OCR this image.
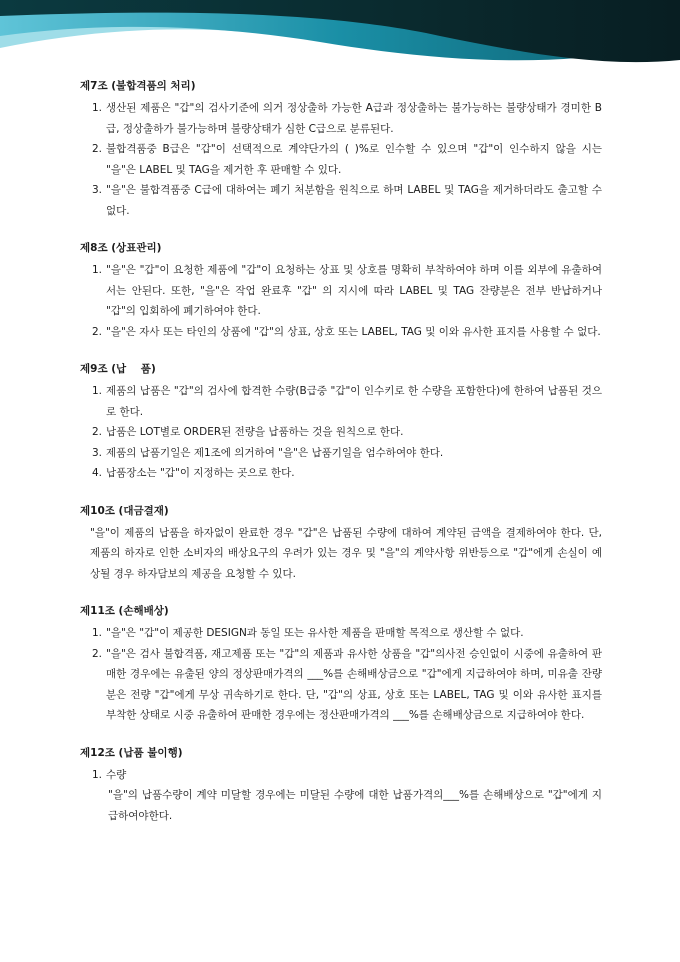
제7조 (불합격품의 처리)
1. 생산된 제품은 "갑"의 검사기준에 의거 정상출하 가능한 A급과 정상출하는 불가능하는 불량상태가 경미한 B급, 정상출하가 불가능하며 불량상태가 심한 C급으로 분류된다.
2. 불합격품중 B급은 "갑"이 선택적으로 계약단가의 ( )%로 인수할 수 있으며 "갑"이 인수하지 않을 시는 "을"은 LABEL 및 TAG을 제거한 후 판매할 수 있다.
3. "을"은 불합격품중 C급에 대하여는 폐기 처분함을 원칙으로 하며 LABEL 및 TAG을 제거하더라도 출고할 수 없다.
제8조 (상표관리)
1. "을"은 "갑"이 요청한 제품에 "갑"이 요청하는 상표 및 상호를 명확히 부착하여야 하며 이를 외부에 유출하여서는 안된다. 또한, "을"은 작업 완료후 "갑" 의 지시에 따라 LABEL 및 TAG 잔량분은 전부 반납하거나 "갑"의 입회하에 폐기하여야 한다.
2. "을"은 자사 또는 타인의 상품에 "갑"의 상표, 상호 또는 LABEL, TAG 및 이와 유사한 표지를 사용할 수 없다.
제9조 (납    품)
1. 제품의 납품은 "갑"의 검사에 합격한 수량(B급중 "갑"이 인수키로 한 수량을 포함한다)에 한하여 납품된 것으로 한다.
2. 납품은 LOT별로 ORDER된 전량을 납품하는 것을 원칙으로 한다.
3. 제품의 납품기일은 제1조에 의거하여 "을"은 납품기일을 엄수하여야 한다.
4. 납품장소는 "갑"이 지정하는 곳으로 한다.
제10조 (대금결재)
"을"이 제품의 납품을 하자없이 완료한 경우 "갑"은 납품된 수량에 대하여 계약된 금액을 결제하여야 한다. 단, 제품의 하자로 인한 소비자의 배상요구의 우려가 있는 경우 및 "을"의 계약사항 위반등으로 "갑"에게 손실이 예상될 경우 하자담보의 제공을 요청할 수 있다.
제11조 (손해배상)
1. "을"은 "갑"이 제공한 DESIGN과 동일 또는 유사한 제품을 판매할 목적으로 생산할 수 없다.
2. "을"은 검사 불합격품, 재고제품 또는 "갑"의 제품과 유사한 상품을 "갑"의사전 승인없이 시중에 유출하여 판매한 경우에는 유출된 양의 정상판매가격의 ___%를 손해배상금으로 "갑"에게 지급하여야 하며, 미유출 잔량분은 전량 "갑"에게 무상 귀속하기로 한다. 단, "갑"의 상표, 상호 또는 LABEL, TAG 및 이와 유사한 표지를 부착한 상태로 시중 유출하여 판매한 경우에는 정산판매가격의 ___%를 손해배상금으로 지급하여야 한다.
제12조 (납품 불이행)
1. 수량
"을"의 납품수량이 계약 미달할 경우에는 미달된 수량에 대한 납품가격의___%를 손해배상으로 "갑"에게 지급하여야한다.
